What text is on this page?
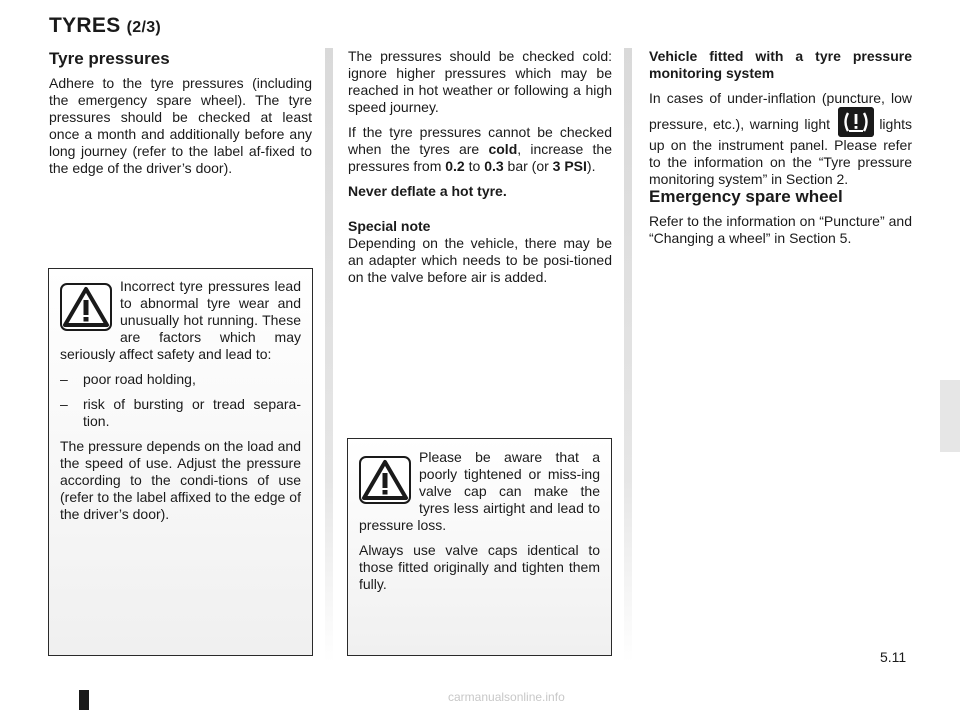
TYRES (2/3)
Tyre pressures

Adhere to the tyre pressures (including the emergency spare wheel). The tyre pressures should be checked at least once a month and additionally before any long journey (refer to the label af-fixed to the edge of the driver’s door).

Incorrect tyre pressures lead to abnormal tyre wear and unusually hot running. These are factors which may seriously affect safety and lead to:
– poor road holding,
– risk of bursting or tread separa-tion.

The pressure depends on the load and the speed of use. Adjust the pressure according to the condi-tions of use (refer to the label affixed to the edge of the driver’s door).

The pressures should be checked cold: ignore higher pressures which may be reached in hot weather or following a high speed journey.

If the tyre pressures cannot be checked when the tyres are cold, increase the pressures from 0.2 to 0.3 bar (or 3 PSI).

Never deflate a hot tyre.

Special note

Depending on the vehicle, there may be an adapter which needs to be posi-tioned on the valve before air is added.

Please be aware that a poorly tightened or miss-ing valve cap can make the tyres less airtight and lead to pressure loss.

Always use valve caps identical to those fitted originally and tighten them fully.

Vehicle fitted with a tyre pressure monitoring system

In cases of under-inflation (puncture, low pressure, etc.), warning light	lights up on the instrument panel. Please refer to the information on the “Tyre pressure monitoring system” in Section 2.

Emergency spare wheel

Refer to the information on “Puncture” and “Changing a wheel” in Section 5.

5.11
carmanualsonline.info
